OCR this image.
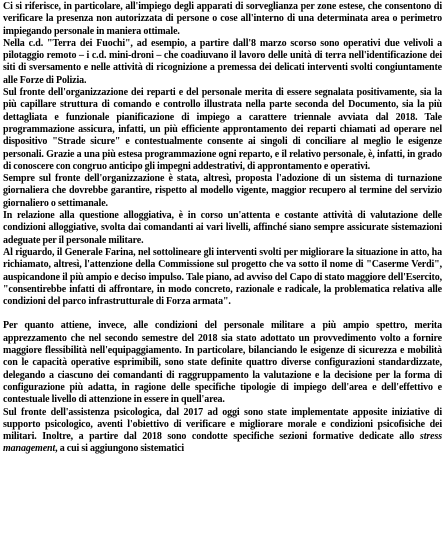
Ci si riferisce, in particolare, all'impiego degli apparati di sorveglianza per zone estese, che consentono di verificare la presenza non autorizzata di persone o cose all'interno di una determinata area o perimetro impiegando personale in maniera ottimale.

Nella c.d. "Terra dei Fuochi", ad esempio, a partire dall'8 marzo scorso sono operativi due velivoli a pilotaggio remoto – i c.d. mini-droni – che coadiuvano il lavoro delle unità di terra nell'identificazione dei siti di sversamento e nelle attività di ricognizione a premessa dei delicati interventi svolti congiuntamente alle Forze di Polizia.

Sul fronte dell'organizzazione dei reparti e del personale merita di essere segnalata positivamente, sia la più capillare struttura di comando e controllo illustrata nella parte seconda del Documento, sia la più dettagliata e funzionale pianificazione di impiego a carattere triennale avviata dal 2018. Tale programmazione assicura, infatti, un più efficiente approntamento dei reparti chiamati ad operare nel dispositivo "Strade sicure" e contestualmente consente ai singoli di conciliare al meglio le esigenze personali. Grazie a una più estesa programmazione ogni reparto, e il relativo personale, è, infatti, in grado di conoscere con congruo anticipo gli impegni addestrativi, di approntamento e operativi.

Sempre sul fronte dell'organizzazione è stata, altresì, proposta l'adozione di un sistema di turnazione giornaliera che dovrebbe garantire, rispetto al modello vigente, maggior recupero al termine del servizio giornaliero o settimanale.

In relazione alla questione alloggiativa, è in corso un'attenta e costante attività di valutazione delle condizioni alloggiative, svolta dai comandanti ai vari livelli, affinché siano sempre assicurate sistemazioni adeguate per il personale militare.

Al riguardo, il Generale Farina, nel sottolineare gli interventi svolti per migliorare la situazione in atto, ha richiamato, altresì, l'attenzione della Commissione sul progetto che va sotto il nome di "Caserme Verdi", auspicandone il più ampio e deciso impulso. Tale piano, ad avviso del Capo di stato maggiore dell'Esercito, "consentirebbe infatti di affrontare, in modo concreto, razionale e radicale, la problematica relativa alle condizioni del parco infrastrutturale di Forza armata".

Per quanto attiene, invece, alle condizioni del personale militare a più ampio spettro, merita apprezzamento che nel secondo semestre del 2018 sia stato adottato un provvedimento volto a fornire maggiore flessibilità nell'equipaggiamento. In particolare, bilanciando le esigenze di sicurezza e mobilità con le capacità operative esprimibili, sono state definite quattro diverse configurazioni standardizzate, delegando a ciascuno dei comandanti di raggruppamento la valutazione e la decisione per la forma di configurazione più adatta, in ragione delle specifiche tipologie di impiego dell'area e dell'effettivo e contestuale livello di attenzione in essere in quell'area.

Sul fronte dell'assistenza psicologica, dal 2017 ad oggi sono state implementate apposite iniziative di supporto psicologico, aventi l'obiettivo di verificare e migliorare morale e condizioni psicofisiche dei militari. Inoltre, a partire dal 2018 sono condotte specifiche sezioni formative dedicate allo stress management, a cui si aggiungono sistematici
